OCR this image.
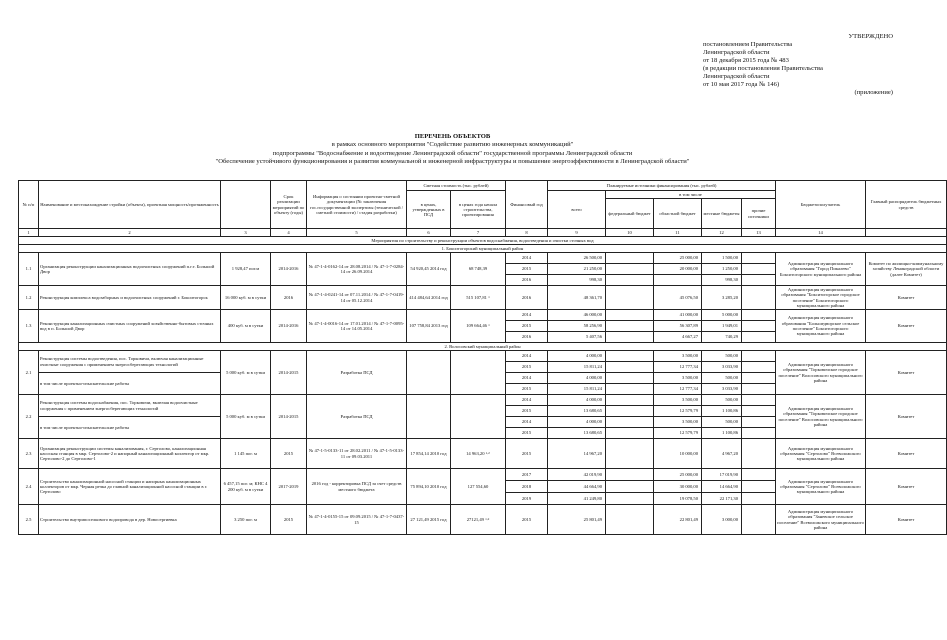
УТВЕРЖДЕНО
постановлением Правительства
Ленинградской области
от 18 декабря 2015 года № 483
(в редакции постановления Правительства
Ленинградской области
от 10 мая 2017 года № 146)
(приложение)
ПЕРЕЧЕНЬ ОБЪЕКТОВ
в рамках основного мероприятия "Содействие развитию инженерных коммуникаций"
подпрограммы "Водоснабжение и водоотведение Ленинградской области" государственной программы Ленинградской области
"Обеспечение устойчивого функционирования и развития коммунальной и инженерной инфраструктуры и повышение энергоэффективности в Ленинградской области"
№ п/п	Наименование и местонахождение стройки (объекта), проектная мощность/протяженность		Срок реализации мероприятий по объекту (годы)	Информация о состоянии проектно-сметной документации (№ заключения гос.государственной экспертизы (технической / сметной стоимости) / стадия разработки)	Сметная стоимость (тыс. рублей)		Финансовый год	Планируемые источники финансирования (тыс. рублей)					Бюджетополучатель	Главный распорядитель бюджетных средств
					в ценах, утвержденных в ПСД	в ценах года начала строительства, проектирования		всего	в том числе					
									федеральный бюджет	областной бюджет	местные бюджеты	прочие источники		
1	2	3	4	5	6	7	8	9	10	11	12	13	14	
Мероприятия по строительству и реконструкции объектов водоснабжения, водоотведения и очистки сточных вод														
1. Бокситогорский муниципальный район														
1.1	Организация реконструкции канализационных водоочистных сооружений п.г.т. Большой Двор	1 928,47 пог.м	2014-2016	№ 47-1-4-0162-14 от 28.08.2014 / № 47-1-7-0284-14 от 26.09.2014	54 920,45 2014 год	68 748,39	2014	26 500,00		25 000,00	1 500,00		Администрация муниципального образования "Город Пикалево" Бокситогорского муниципального района	Комитет по жилищно-коммунальному хозяйству Ленинградской области (далее Комитет)
							2015	21 250,00		20 000,00	1 250,00			
							2016	998,30			998,30			
1.2	Реконструкция комплекса водозаборных и водоочистных сооружений г. Бокситогорск	16 000 куб. м в сутки	2016	№ 47-1-4-0241-14 от 07.11.2014 / № 47-1-7-0419-14 от 05.12.2014	414 484,64 2014 год	515 107,81 $^1$	2016	48 361,70		45 076,50	3 285,20		Администрация муниципального образования "Бокситогорское городское поселение" Бокситогорского муниципального района	Комитет
1.3	Реконструкция канализационных очистных сооружений хозяйственно-бытовых сточных вод в п. Большой Двор	400 куб. м в сутки	2014-2016	№ 47-1-4-0016-14 от 17.01.2014 / № 47-1-7-0095-14 от 14.05.2014	107 758,84 2013 год	109 664,46 $^1$	2014	46 000,00		41 000,00	5 000,00		Администрация муниципального образования "Большедворское сельское поселение" Бокситогорского муниципального района	Комитет
							2015	58 256,90		56 307,89	1 949,01			
							2016	5 407,56		4 667,27	740,29			
2. Волосовский муниципальный район														
2.1	Реконструкция системы водоотведения, пос. Торковичи, включая канализационные очистные сооружения с применением энергосберегающих технологий	5 000 куб. м в сутки	2014-2015	Разработка ПСД			2014	4 000,00		3 500,00	500,00		Администрация муниципального образования "Торковичское городское поселение" Волосовского муниципального района	Комитет
							2015	15 811,24		12 777,34	3 033,90			
	в том числе проектно-изыскательские работы						2014	4 000,00		3 500,00	500,00			
							2015	15 811,24		12 777,34	3 033,90			
2.2	Реконструкция системы водоснабжения, пос. Торковичи, включая водоочистные сооружения с применением энергосберегающих технологий	5 000 куб. м в сутки	2014-2015	Разработка ПСД			2014	4 000,00		3 500,00	500,00		Администрация муниципального образования "Торковичское городское поселение" Волосовского муниципального района	Комитет
							2015	13 680,65		12 579,79	1 100,86			
	в том числе проектно-изыскательские работы						2014	4 000,00		3 500,00	500,00			
							2015	13 680,65		12 579,79	1 100,86			
2.3	Организация реконструкции системы канализования, г. Сертолово, канализационная насосная станция в мкр. Сертолово-2 и напорный канализационный коллектор от мкр. Сертолово-2 до Сертолово-1	1 145 пог. м	2015	№ 47-1-5-0133-11 от 28.02.2011 / № 47-1-5-0133-11 от 09.03.2011	17 854,14 2010 год	14 963,20 $^{1,2}$	2015	14 967,20		10 000,00	4 967,20		Администрация муниципального образования "Сертолово" Всеволожского муниципального района	Комитет
2.4	Строительство канализационной насосной станции и напорных канализационных коллекторов от мкр. Черная речка до главной канализационной насосной станции в г. Сертолово	6 457,15 пог. м; КНС 4 200 куб. м в сутки	2017-2019	2016 год - корректировка ПСД за счет средств местного бюджета	75 894,10 2010 год	127 554,60	2017	42 019,90		25 000,00	17 019,90		Администрация муниципального образования "Сертолово" Всеволожского муниципального района	Комитет
							2018	44 664,90		30 000,00	14 664,90			
							2019	41 249,80		19 078,50	22 171,30			
2.5	Строительство внутрипоселкового водопровода в дер. Новосергиевка	3 250 пог. м	2015	№ 47-1-4-0155-15 от 09.09.2015 / № 47-1-7-0437-15	27 121,49 2015 год	27121,49 $^{1,2}$	2015	25 801,49		22 801,49	3 000,00		Администрация муниципального образования "Заневское сельское поселение" Всеволожского муниципального района	Комитет
